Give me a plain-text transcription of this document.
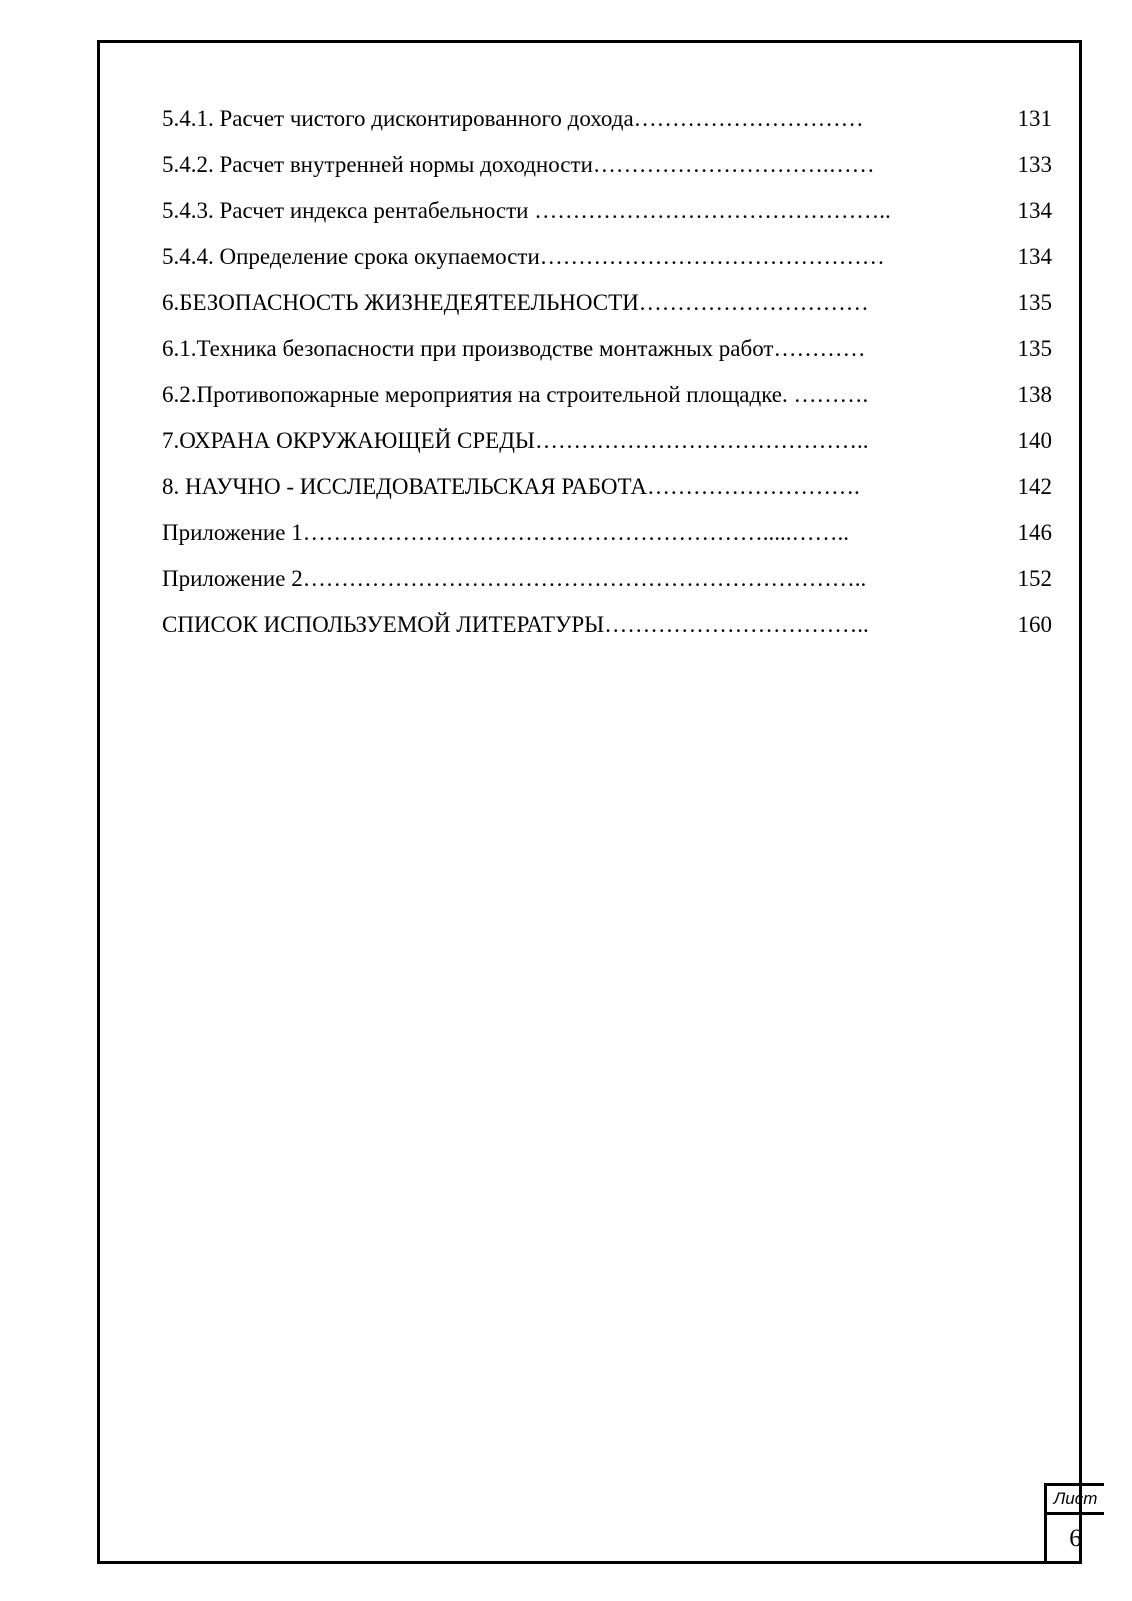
5.4.1. Расчет чистого дисконтированного дохода…………………………	131
5.4.2. Расчет внутренней нормы доходности………………………….……	133
5.4.3. Расчет индекса рентабельности ………………………………………..	134
5.4.4. Определение срока окупаемости………………………………………	134
6.БЕЗОПАСНОСТЬ ЖИЗНЕДЕЯТЕЕЛЬНОСТИ…………………………	135
6.1.Техника безопасности при производстве монтажных работ…………	135
6.2.Противопожарные мероприятия на строительной площадке. ……….	138
7.ОХРАНА ОКРУЖАЮЩЕЙ СРЕДЫ……………………………………..	140
8. НАУЧНО - ИССЛЕДОВАТЕЛЬСКАЯ РАБОТА……………………….	142
Приложение 1…………………………………………………….....……..	146
Приложение 2………………………………………………………………..	152
СПИСОК ИСПОЛЬЗУЕМОЙ ЛИТЕРАТУРЫ……………………………..	160
Лист
6
